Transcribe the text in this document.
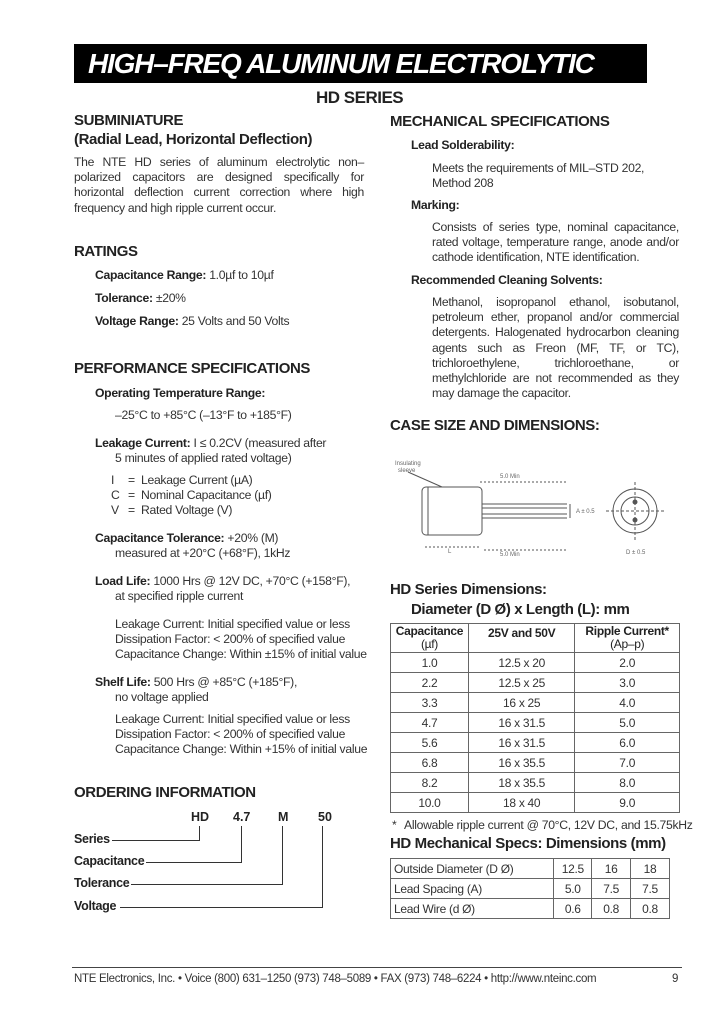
HIGH–FREQ ALUMINUM ELECTROLYTIC
HD SERIES
SUBMINIATURE
(Radial Lead, Horizontal Deflection)
The NTE HD series of aluminum electrolytic non–polarized capacitors are designed specifically for horizontal deflection current correction where high frequency and high ripple current occur.
RATINGS
Capacitance Range: 1.0µf to 10µf
Tolerance: ±20%
Voltage Range: 25 Volts and 50 Volts
PERFORMANCE SPECIFICATIONS
Operating Temperature Range:
–25°C to +85°C (–13°F to +185°F)
Leakage Current: I ≤ 0.2CV (measured after
5 minutes of applied rated voltage)
I = Leakage Current (µA)
C = Nominal Capacitance (µf)
V = Rated Voltage (V)
Capacitance Tolerance: +20% (M)
measured at +20°C (+68°F), 1kHz
Load Life: 1000 Hrs @ 12V DC, +70°C (+158°F),
at specified ripple current
Leakage Current: Initial specified value or less
Dissipation Factor: < 200% of specified value
Capacitance Change: Within ±15% of initial value
Shelf Life: 500 Hrs @ +85°C (+185°F),
no voltage applied
Leakage Current: Initial specified value or less
Dissipation Factor: < 200% of specified value
Capacitance Change: Within +15% of initial value
ORDERING INFORMATION
HD 4.7 M 50
Series
Capacitance
Tolerance
Voltage
MECHANICAL SPECIFICATIONS
Lead Solderability:
Meets the requirements of MIL–STD 202, Method 208
Marking:
Consists of series type, nominal capacitance, rated voltage, temperature range, anode and/or cathode identification, NTE identification.
Recommended Cleaning Solvents:
Methanol, isopropanol ethanol, isobutanol, petroleum ether, propanol and/or commercial detergents. Halogenated hydrocarbon cleaning agents such as Freon (MF, TF, or TC), trichloroethylene, trichloroethane, or methylchloride are not recommended as they may damage the capacitor.
CASE SIZE AND DIMENSIONS:
Insulating
sleeve
5.0 Min
A ± 0.5
L	5.0 Min	D ± 0.5
HD Series Dimensions:
Diameter (D Ø) x Length (L): mm
Capacitance
(µf)	25V and 50V	Ripple Current*
(Ap–p)
1.0	12.5 x 20	2.0
2.2	12.5 x 25	3.0
3.3	16 x 25	4.0
4.7	16 x 31.5	5.0
5.6	16 x 31.5	6.0
6.8	16 x 35.5	7.0
8.2	18 x 35.5	8.0
10.0	18 x 40	9.0
* Allowable ripple current @ 70°C, 12V DC, and 15.75kHz
HD Mechanical Specs: Dimensions (mm)
Outside Diameter (D Ø)	12.5	16	18
Lead Spacing (A)	5.0	7.5	7.5
Lead Wire (d Ø)	0.6	0.8	0.8
NTE Electronics, Inc. • Voice (800) 631–1250 (973) 748–5089 • FAX (973) 748–6224 • http://www.nteinc.com	9
